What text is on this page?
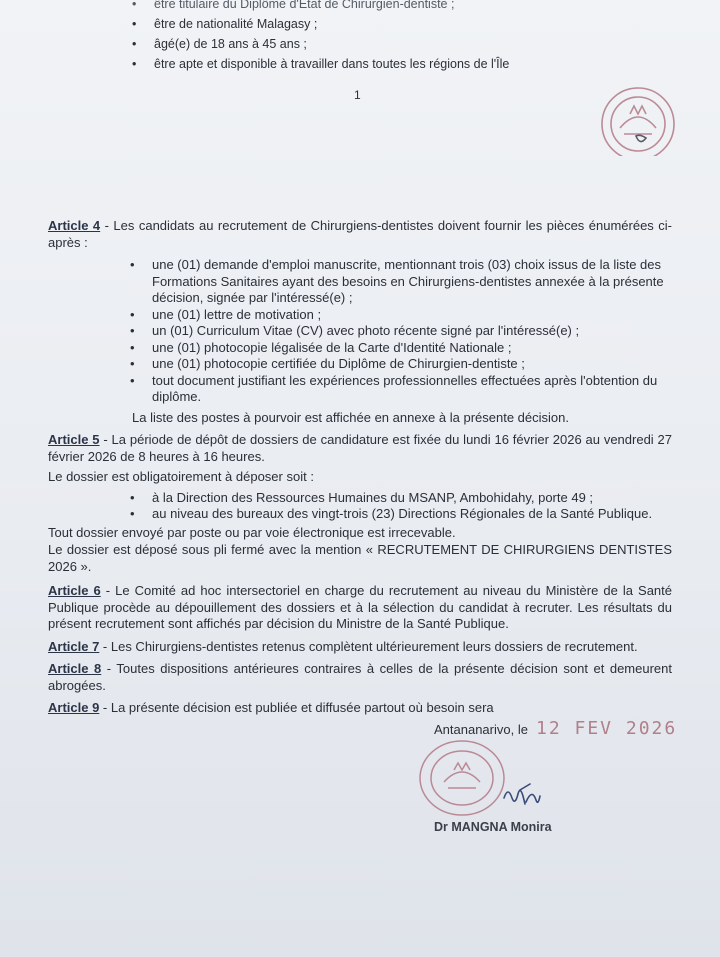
• être titulaire du Diplôme d'Etat de Chirurgien-dentiste ;
• être de nationalité Malagasy ;
• âgé(e) de 18 ans à 45 ans ;
• être apte et disponible à travailler dans toutes les régions de l'Île
1

Article 4 - Les candidats au recrutement de Chirurgiens-dentistes doivent fournir les pièces énumérées ci-après :

• une (01) demande d'emploi manuscrite, mentionnant trois (03) choix issus de la liste des Formations Sanitaires ayant des besoins en Chirurgiens-dentistes annexée à la présente décision, signée par l'intéressé(e) ;
• une (01) lettre de motivation ;
• un (01) Curriculum Vitae (CV) avec photo récente signé par l'intéressé(e) ;
• une (01) photocopie légalisée de la Carte d'Identité Nationale ;
• une (01) photocopie certifiée du Diplôme de Chirurgien-dentiste ;
• tout document justifiant les expériences professionnelles effectuées après l'obtention du diplôme.
La liste des postes à pourvoir est affichée en annexe à la présente décision.

Article 5 - La période de dépôt de dossiers de candidature est fixée du lundi 16 février 2026 au vendredi 27 février 2026 de 8 heures à 16 heures.

Le dossier est obligatoirement à déposer soit :

• à la Direction des Ressources Humaines du MSANP, Ambohidahy, porte 49 ;
• au niveau des bureaux des vingt-trois (23) Directions Régionales de la Santé Publique.

Tout dossier envoyé par poste ou par voie électronique est irrecevable.

Le dossier est déposé sous pli fermé avec la mention « RECRUTEMENT DE CHIRURGIENS DENTISTES 2026 ».

Article 6 - Le Comité ad hoc intersectoriel en charge du recrutement au niveau du Ministère de la Santé Publique procède au dépouillement des dossiers et à la sélection du candidat à recruter. Les résultats du présent recrutement sont affichés par décision du Ministre de la Santé Publique.

Article 7 - Les Chirurgiens-dentistes retenus complètent ultérieurement leurs dossiers de recrutement.

Article 8 - Toutes dispositions antérieures contraires à celles de la présente décision sont et demeurent abrogées.

Article 9 - La présente décision est publiée et diffusée partout où besoin sera

Antananarivo, le 12 FEV 2026
Dr MANGNA Monira
